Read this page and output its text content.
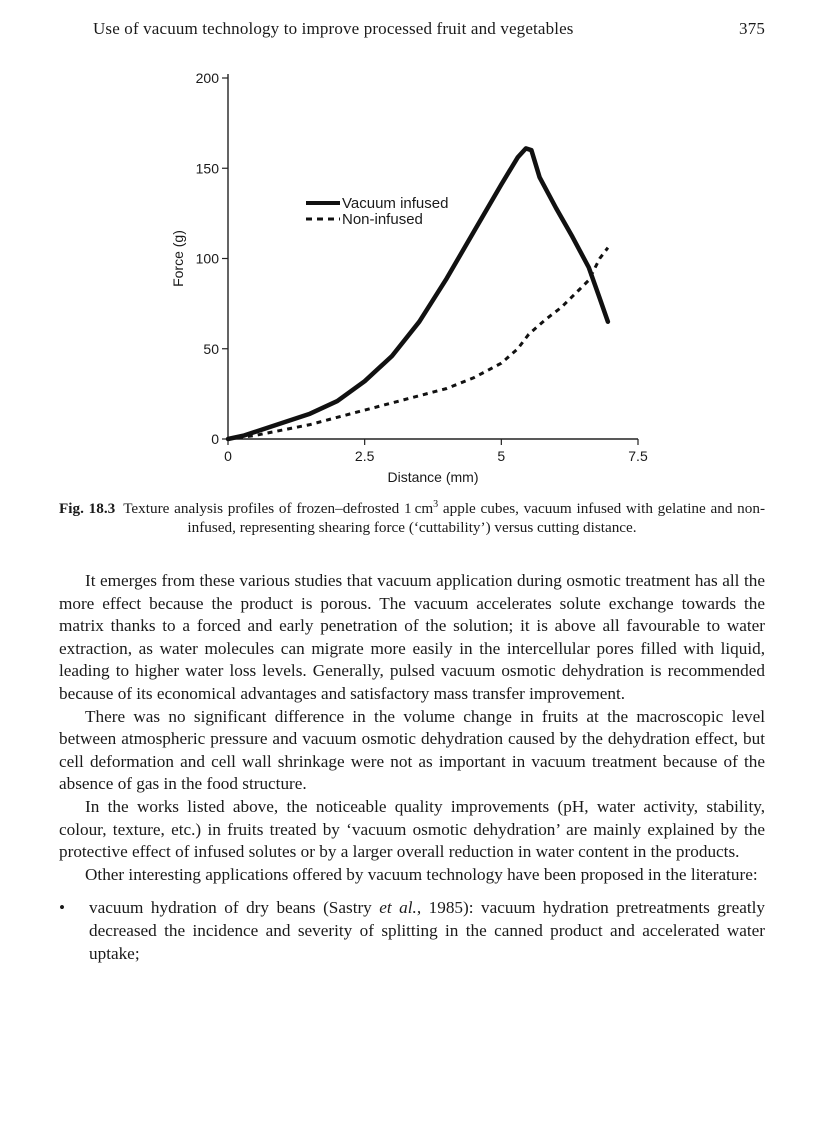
Use of vacuum technology to improve processed fruit and vegetables	375
0
50
100
150
200
0	2.5	5	7.5
Distance (mm)
Force (g)
Vacuum infused
Non-infused
Fig. 18.3 Texture analysis profiles of frozen–defrosted 1 $cm^3$ apple cubes, vacuum infused with gelatine and non-infused, representing shearing force (‘cuttability’) versus cutting distance.

It emerges from these various studies that vacuum application during osmotic treatment has all the more effect because the product is porous. The vacuum accelerates solute exchange towards the matrix thanks to a forced and early penetration of the solution; it is above all favourable to water extraction, as water molecules can migrate more easily in the intercellular pores filled with liquid, leading to higher water loss levels. Generally, pulsed vacuum osmotic dehydration is recommended because of its economical advantages and satisfactory mass transfer improvement.

There was no significant difference in the volume change in fruits at the macroscopic level between atmospheric pressure and vacuum osmotic dehydration caused by the dehydration effect, but cell deformation and cell wall shrinkage were not as important in vacuum treatment because of the absence of gas in the food structure.

In the works listed above, the noticeable quality improvements (pH, water activity, stability, colour, texture, etc.) in fruits treated by ‘vacuum osmotic dehydration’ are mainly explained by the protective effect of infused solutes or by a larger overall reduction in water content in the products.

Other interesting applications offered by vacuum technology have been proposed in the literature:

• vacuum hydration of dry beans (Sastry et al., 1985): vacuum hydration pretreatments greatly decreased the incidence and severity of splitting in the canned product and accelerated water uptake;
